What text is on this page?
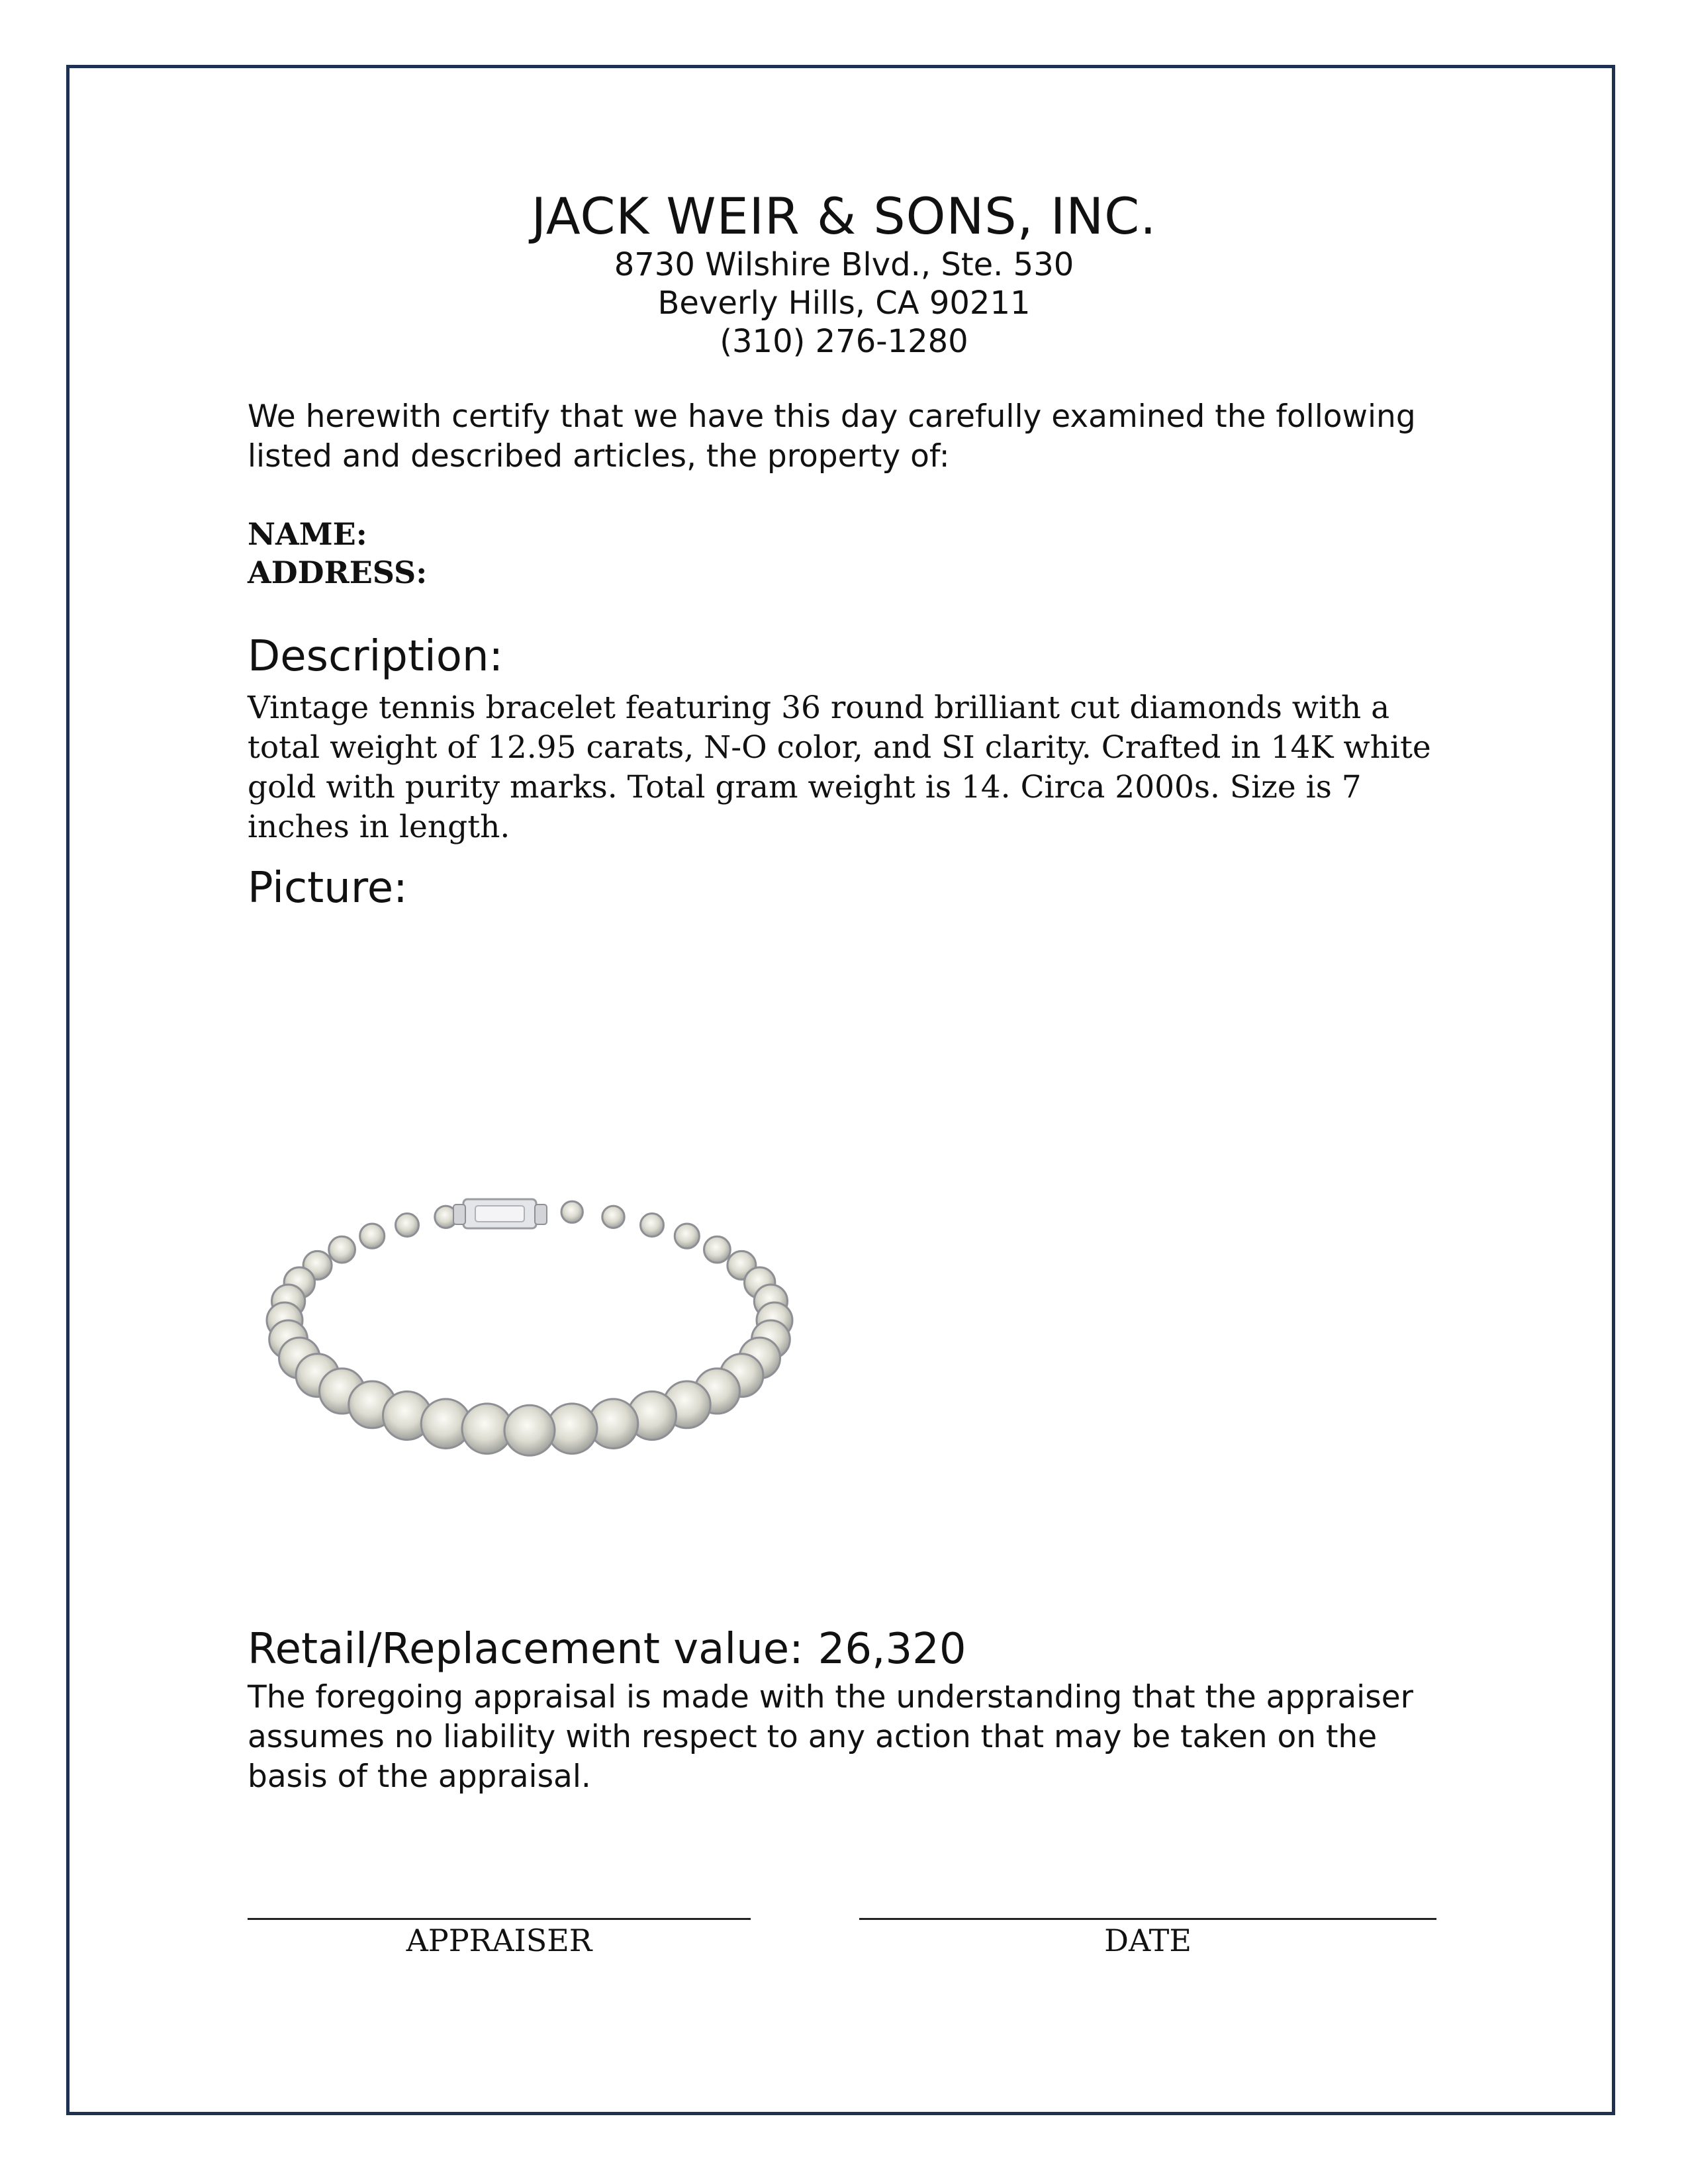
JACK WEIR & SONS, INC.
8730 Wilshire Blvd., Ste. 530
Beverly Hills, CA 90211
(310) 276-1280

We herewith certify that we have this day carefully examined the following listed and described articles, the property of:

NAME:
ADDRESS:
Description:

Vintage tennis bracelet featuring 36 round brilliant cut diamonds with a total weight of 12.95 carats, N-O color, and SI clarity. Crafted in 14K white gold with purity marks. Total gram weight is 14. Circa 2000s. Size is 7 inches in length.

Picture:
Retail/Replacement value: 26,320

The foregoing appraisal is made with the understanding that the appraiser assumes no liability with respect to any action that may be taken on the basis of the appraisal.

APPRAISER	DATE
